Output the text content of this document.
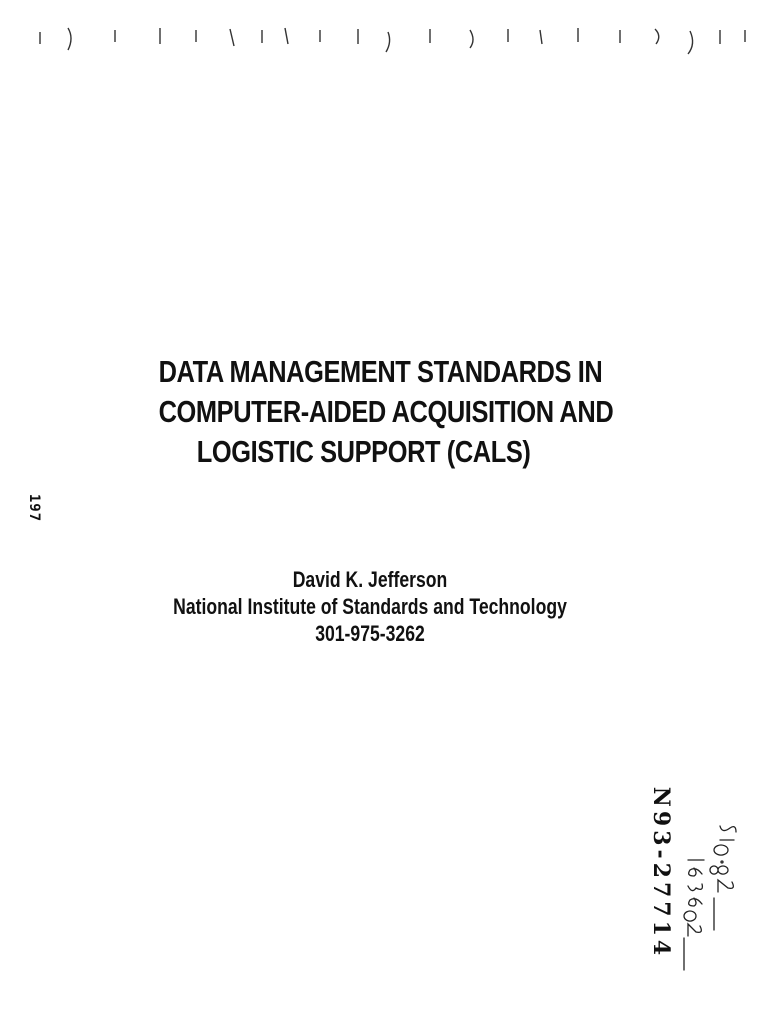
DATA MANAGEMENT STANDARDS IN
COMPUTER-AIDED ACQUISITION AND
LOGISTIC SUPPORT (CALS)
David K. Jefferson
National Institute of Standards and Technology
301-975-3262
197
N93-27714
